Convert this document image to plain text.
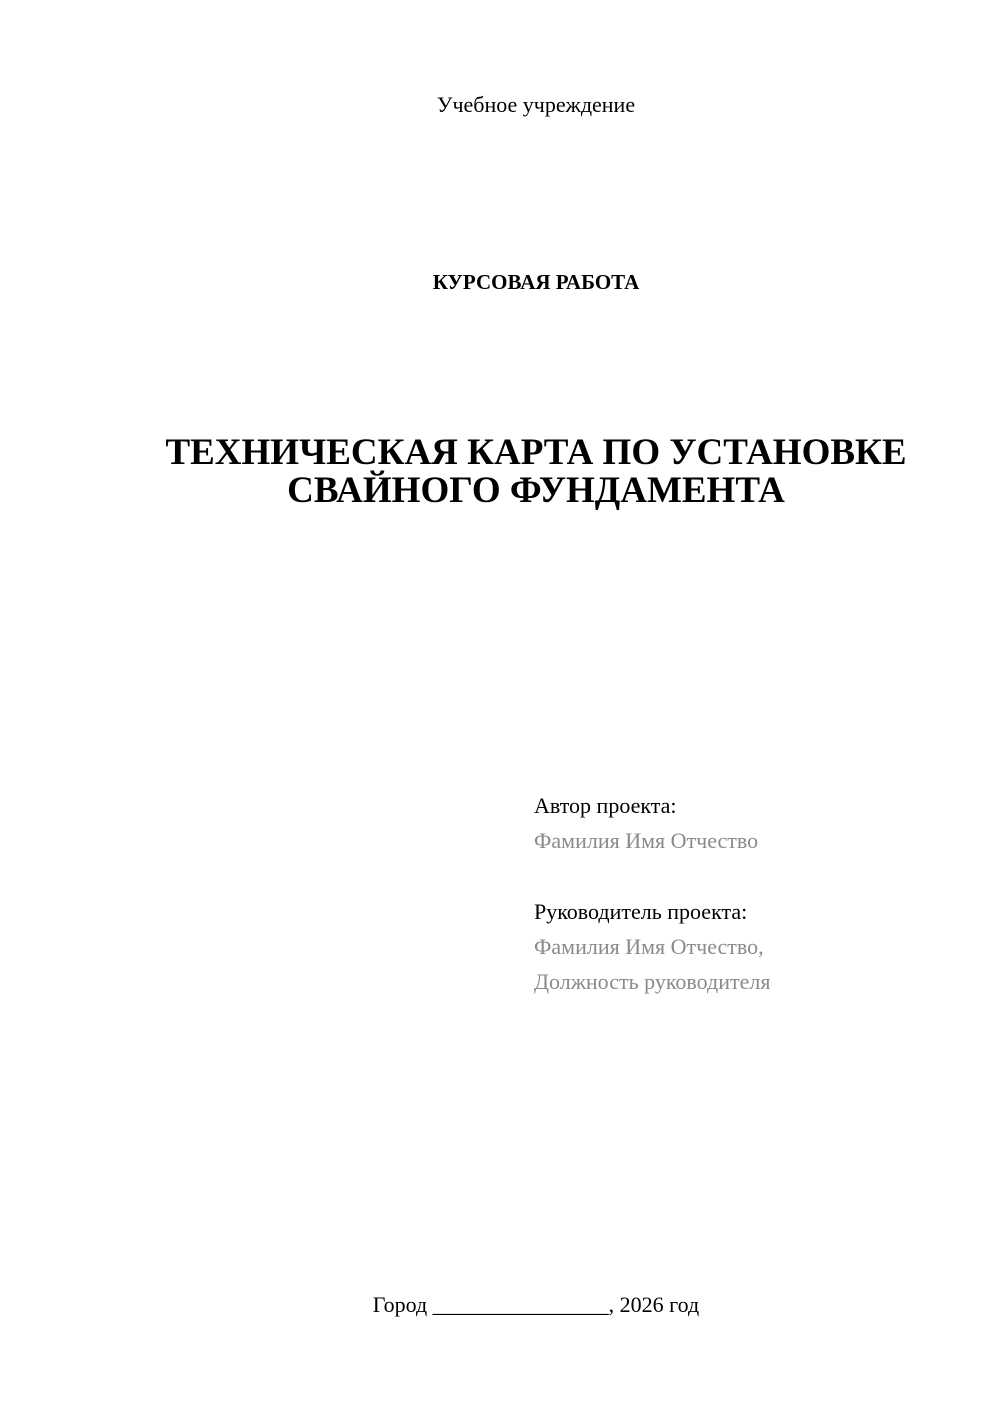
Учебное учреждение
КУРСОВАЯ РАБОТА
ТЕХНИЧЕСКАЯ КАРТА ПО УСТАНОВКЕ
СВАЙНОГО ФУНДАМЕНТА
Автор проекта:
Фамилия Имя Отчество
Руководитель проекта:
Фамилия Имя Отчество,
Должность руководителя
Город ________________, 2026 год
